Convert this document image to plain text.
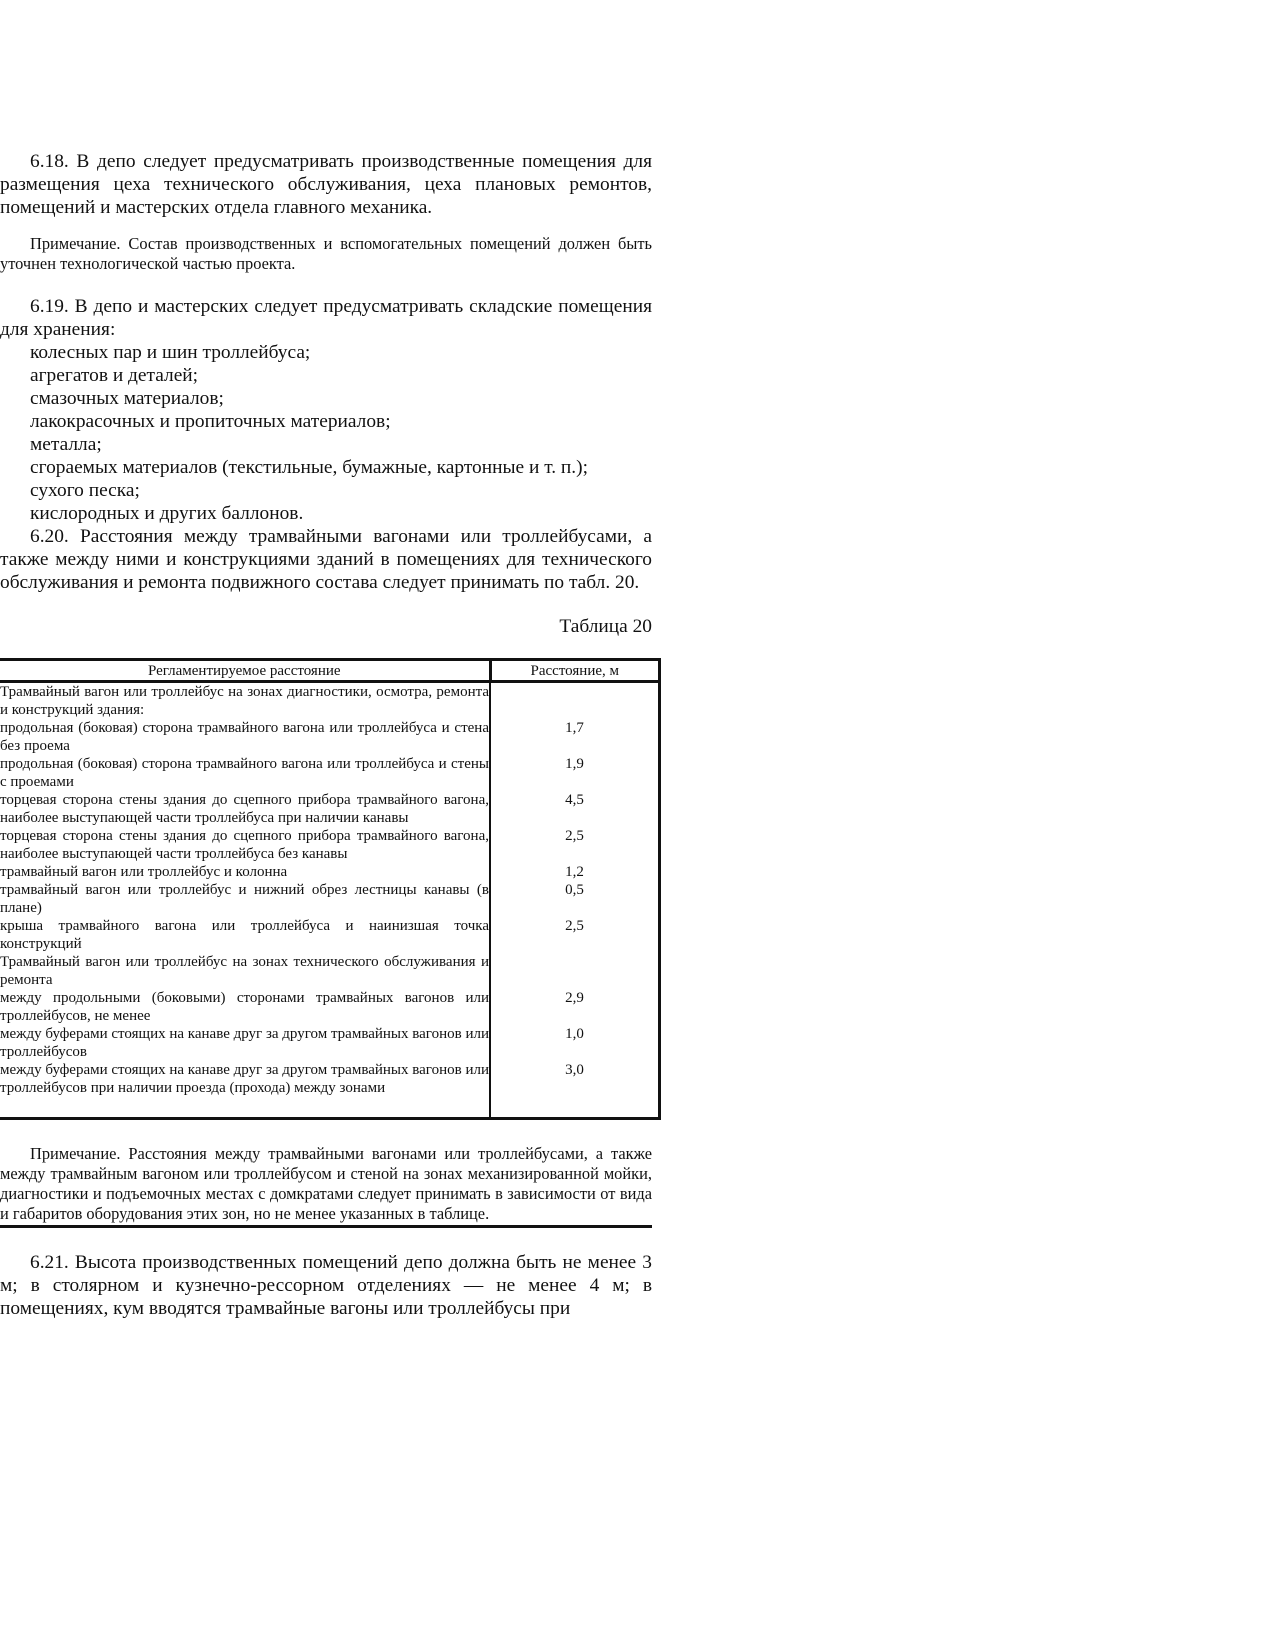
6.18. В депо следует предусматривать производственные помещения для размещения цеха технического обслуживания, цеха плановых ремонтов, помещений и мастерских отдела главного механика.

Примечание. Состав производственных и вспомогательных помещений должен быть уточнен технологической частью проекта.

6.19. В депо и мастерских следует предусматривать складские помещения для хранения:

колесных пар и шин троллейбуса;
агрегатов и деталей;
смазочных материалов;
лакокрасочных и пропиточных материалов;
металла;
сгораемых материалов (текстильные, бумажные, картонные и т. п.);
сухого песка;
кислородных и других баллонов.

6.20. Расстояния между трамвайными вагонами или троллейбусами, а также между ними и конструкциями зданий в помещениях для технического обслуживания и ремонта подвижного состава следует принимать по табл. 20.

Таблица 20
Регламентируемое расстояние	Расстояние, м
Трамвайный вагон или троллейбус на зонах диагностики, осмотра, ремонта и конструкций здания:	
продольная (боковая) сторона трамвайного вагона или троллейбуса и стена без проема	1,7
продольная (боковая) сторона трамвайного вагона или троллейбуса и стены с проемами	1,9
торцевая сторона стены здания до сцепного прибора трамвайного вагона, наиболее выступающей части троллейбуса при наличии канавы	4,5
торцевая сторона стены здания до сцепного прибора трамвайного вагона, наиболее выступающей части троллейбуса без канавы	2,5
трамвайный вагон или троллейбус и колонна	1,2
трамвайный вагон или троллейбус и нижний обрез лестницы канавы (в плане)	0,5
крыша трамвайного вагона или троллейбуса и наинизшая точка конструкций	2,5
Трамвайный вагон или троллейбус на зонах технического обслуживания и ремонта	
между продольными (боковыми) сторонами трамвайных вагонов или троллейбусов, не менее	2,9
между буферами стоящих на канаве друг за другом трамвайных вагонов или троллейбусов	1,0
между буферами стоящих на канаве друг за другом трамвайных вагонов или троллейбусов при наличии проезда (прохода) между зонами	3,0

Примечание. Расстояния между трамвайными вагонами или троллейбусами, а также между трамвайным вагоном или троллейбусом и стеной на зонах механизированной мойки, диагностики и подъемочных местах с домкратами следует принимать в зависимости от вида и габаритов оборудования этих зон, но не менее указанных в таблице.

6.21. Высота производственных помещений депо должна быть не менее 3 м; в столярном и кузнечно-рессорном отделениях — не менее 4 м; в помещениях, кум вводятся трамвайные вагоны или троллейбусы при
